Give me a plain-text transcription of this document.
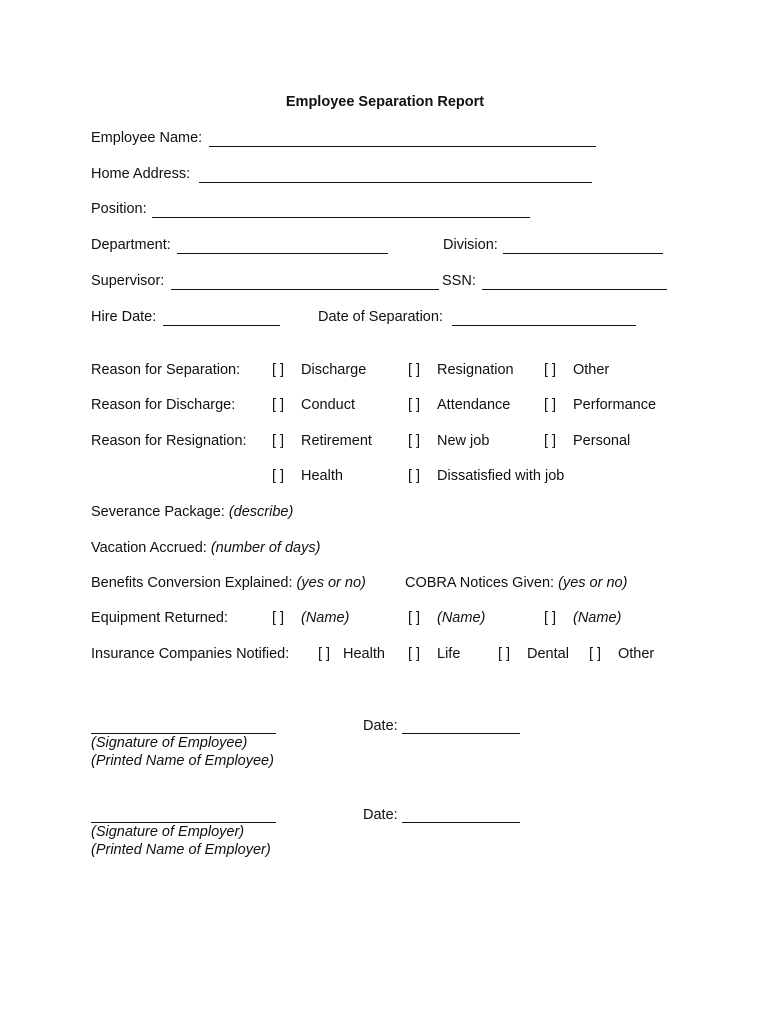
Employee Separation Report
Employee Name:
Home Address:
Position:
Department:	Division:
Supervisor:	SSN:
Hire Date:	Date of Separation:
Reason for Separation: [ ] Discharge	[ ] Resignation [ ] Other
Reason for Discharge:	[ ] Conduct	[ ] Attendance [ ] Performance
Reason for Resignation: [ ] Retirement [ ] New job	[ ] Personal
[ ] Health	[ ] Dissatisfied with job
Severance Package: (describe)
Vacation Accrued: (number of days)
Benefits Conversion Explained: (yes or no)	COBRA Notices Given: (yes or no)
Equipment Returned:	[ ] (Name)	[ ] (Name)	[ ] (Name)
Insurance Companies Notified: [ ] Health [ ] Life	[ ] Dental [ ] Other
Date:
(Signature of Employee)
(Printed Name of Employee)
Date:
(Signature of Employer)
(Printed Name of Employer)
